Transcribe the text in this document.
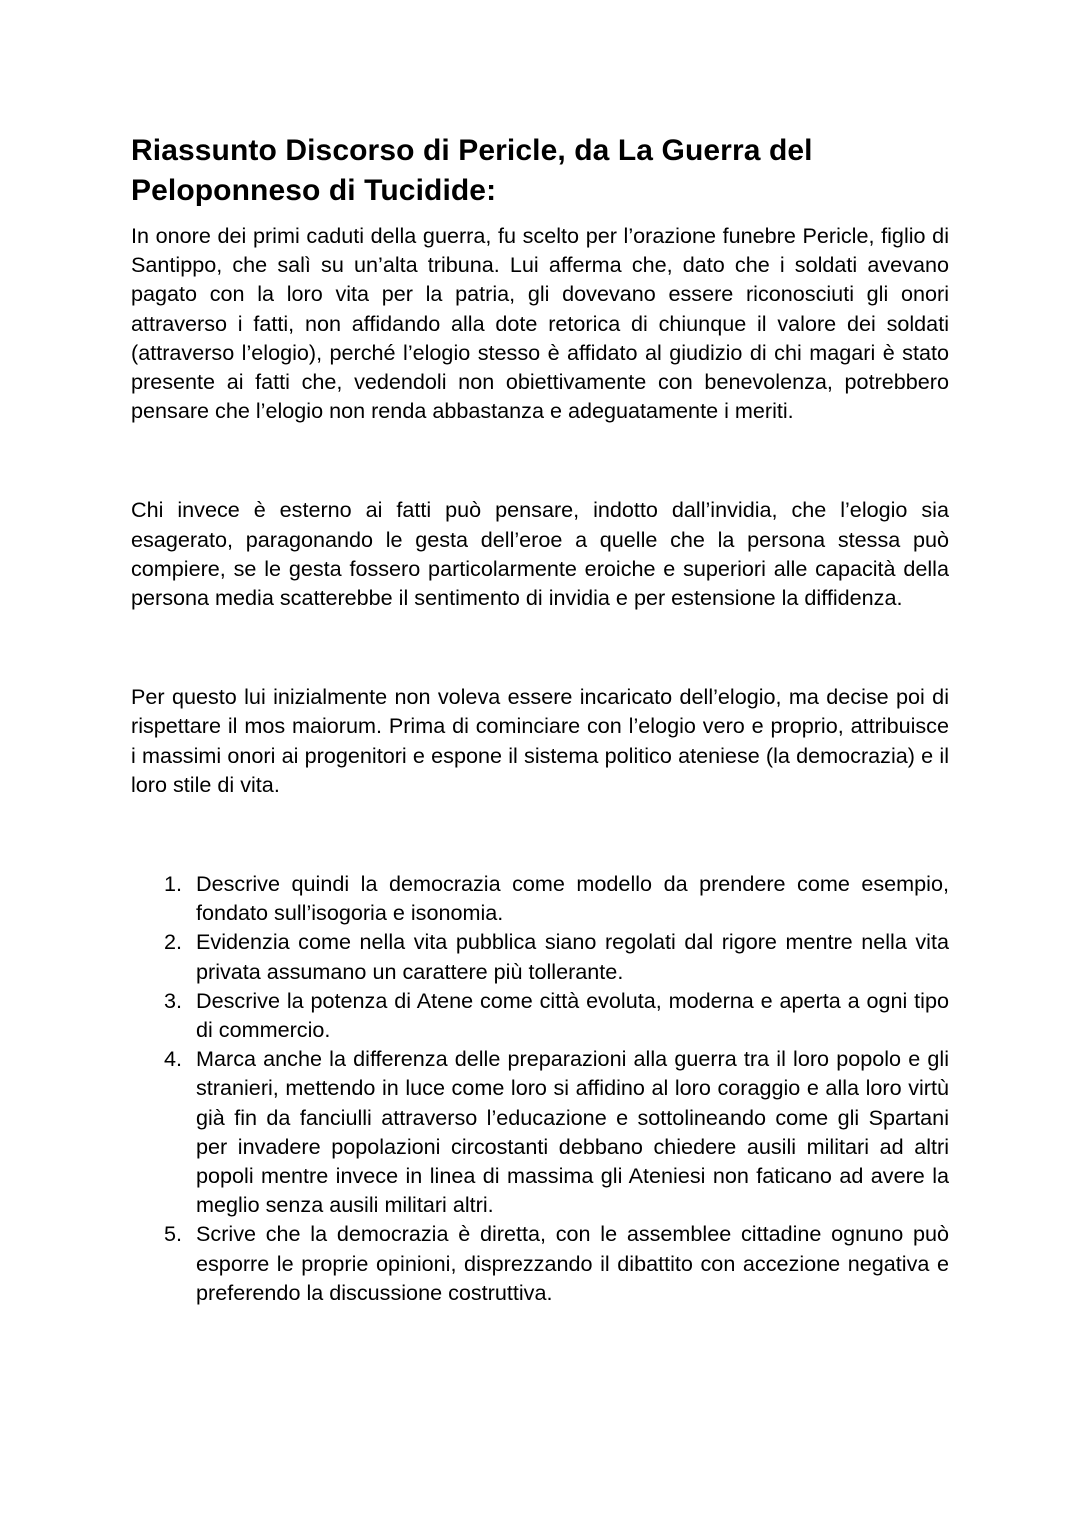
Riassunto Discorso di Pericle, da La Guerra del Peloponneso di Tucidide:

In onore dei primi caduti della guerra, fu scelto per l’orazione funebre Pericle, figlio di Santippo, che salì su un’alta tribuna. Lui afferma che, dato che i soldati avevano pagato con la loro vita per la patria, gli dovevano essere riconosciuti gli onori attraverso i fatti, non affidando alla dote retorica di chiunque il valore dei soldati (attraverso l’elogio), perché l’elogio stesso è affidato al giudizio di chi magari è stato presente ai fatti che, vedendoli non obiettivamente con benevolenza, potrebbero pensare che l’elogio non renda abbastanza e adeguatamente i meriti.

Chi invece è esterno ai fatti può pensare, indotto dall’invidia, che l’elogio sia esagerato, paragonando le gesta dell’eroe a quelle che la persona stessa può compiere, se le gesta fossero particolarmente eroiche e superiori alle capacità della persona media scatterebbe il sentimento di invidia e per estensione la diffidenza.

Per questo lui inizialmente non voleva essere incaricato dell’elogio, ma decise poi di rispettare il mos maiorum. Prima di cominciare con l’elogio vero e proprio, attribuisce i massimi onori ai progenitori e espone il sistema politico ateniese (la democrazia) e il loro stile di vita.

1. Descrive quindi la democrazia come modello da prendere come esempio, fondato sull’isogoria e isonomia.
2. Evidenzia come nella vita pubblica siano regolati dal rigore mentre nella vita privata assumano un carattere più tollerante.
3. Descrive la potenza di Atene come città evoluta, moderna e aperta a ogni tipo di commercio.
4. Marca anche la differenza delle preparazioni alla guerra tra il loro popolo e gli stranieri, mettendo in luce come loro si affidino al loro coraggio e alla loro virtù già fin da fanciulli attraverso l’educazione e sottolineando come gli Spartani per invadere popolazioni circostanti debbano chiedere ausili militari ad altri popoli mentre invece in linea di massima gli Ateniesi non faticano ad avere la meglio senza ausili militari altri.
5. Scrive che la democrazia è diretta, con le assemblee cittadine ognuno può esporre le proprie opinioni, disprezzando il dibattito con accezione negativa e preferendo la discussione costruttiva.
